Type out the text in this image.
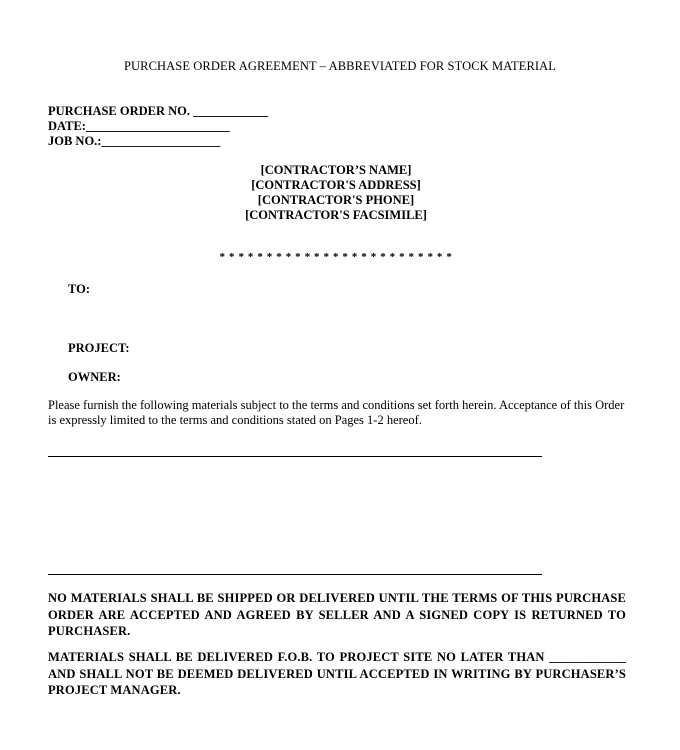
PURCHASE ORDER AGREEMENT – ABBREVIATED FOR STOCK MATERIAL
PURCHASE ORDER NO. ____________
DATE:_______________________
JOB NO.:___________________
[CONTRACTOR’S NAME]
[CONTRACTOR'S ADDRESS]
[CONTRACTOR'S PHONE]
[CONTRACTOR'S FACSIMILE]
* * * * * * * * * * * * * * * * * * * * * * * * *
TO:
PROJECT:
OWNER:
Please furnish the following materials subject to the terms and conditions set forth herein. Acceptance of this Order is expressly limited to the terms and conditions stated on Pages 1-2 hereof.
NO MATERIALS SHALL BE SHIPPED OR DELIVERED UNTIL THE TERMS OF THIS PURCHASE ORDER ARE ACCEPTED AND AGREED BY SELLER AND A SIGNED COPY IS RETURNED TO PURCHASER.
MATERIALS SHALL BE DELIVERED F.O.B. TO PROJECT SITE NO LATER THAN ____________ AND SHALL NOT BE DEEMED DELIVERED UNTIL ACCEPTED IN WRITING BY PURCHASER’S PROJECT MANAGER.
